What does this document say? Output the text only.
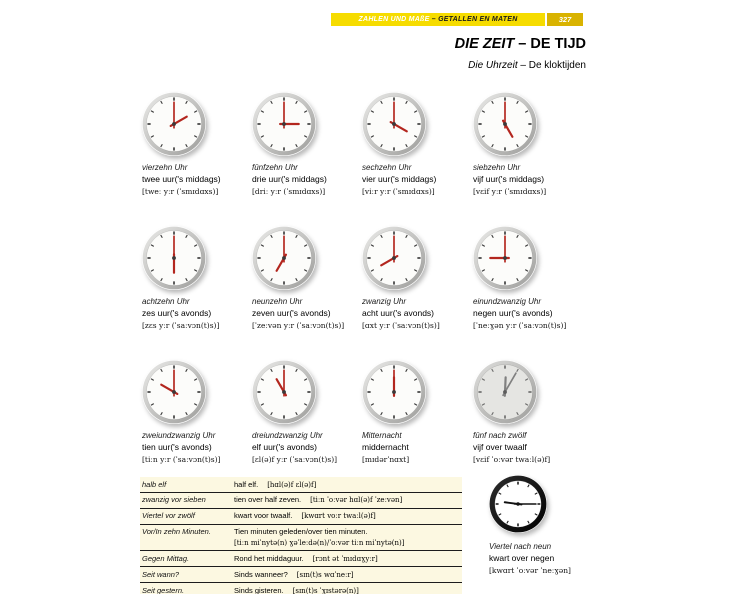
ZAHLEN UND MAßE – GETALLEN EN MATEN	327
DIE ZEIT – DE TIJD
Die Uhrzeit – De kloktijden
vierzehn Uhr
twee uur('s middags)
[tweː yːr (ˈsmɪdɑxs)]
fünfzehn Uhr
drie uur('s middags)
[driː yːr (ˈsmɪdɑxs)]
sechzehn Uhr
vier uur('s middags)
[viːr yːr (ˈsmɪdɑxs)]
siebzehn Uhr
vijf uur('s middags)
[vɛif yːr (ˈsmɪdɑxs)]
achtzehn Uhr
zes uur('s avonds)
[zɛs yːr (ˈsaːvɔn(t)s)]
neunzehn Uhr
zeven uur('s avonds)
[ˈzeːvən yːr (ˈsaːvɔn(t)s)]
zwanzig Uhr
acht uur('s avonds)
[ɑxt yːr (ˈsaːvɔn(t)s)]
einundzwanzig Uhr
negen uur('s avonds)
[ˈneːɣən yːr (ˈsaːvɔn(t)s)]
zweiundzwanzig Uhr
tien uur('s avonds)
[tiːn yːr (ˈsaːvɔn(t)s)]
dreiundzwanzig Uhr
elf uur('s avonds)
[ɛl(ə)f yːr (ˈsaːvɔn(t)s)]
Mitternacht
middernacht
[mɪdərˈnɑxt]
fünf nach zwölf
vijf over twaalf
[vɛif ˈoːvər twaːl(ə)f]
halb elf	half elf. [hɑl(ə)f ɛl(ə)f]
zwanzig vor sieben	tien over half zeven. [tiːn ˈoːvər hɑl(ə)f ˈzeːvən]
Viertel vor zwölf	kwart voor twaalf. [kwɑrt voːr twaːl(ə)f]
Vor/In zehn Minuten.	Tien minuten geleden/over tien minuten.
[tiːn miˈnytə(n) ɣəˈleːdə(n)/ˈoːvər tiːn miˈnytə(n)]
Gegen Mittag.	Rond het middaguur. [rɔnt ət ˈmɪdɑɣyːr]
Seit wann?	Sinds wanneer? [sɪn(t)s wɑˈneːr]
Seit gestern.	Sinds gisteren. [sɪn(t)s ˈɣɪstərə(n)]
Viertel nach neun
kwart over negen
[kwɑrt ˈoːvər ˈneːɣən]
